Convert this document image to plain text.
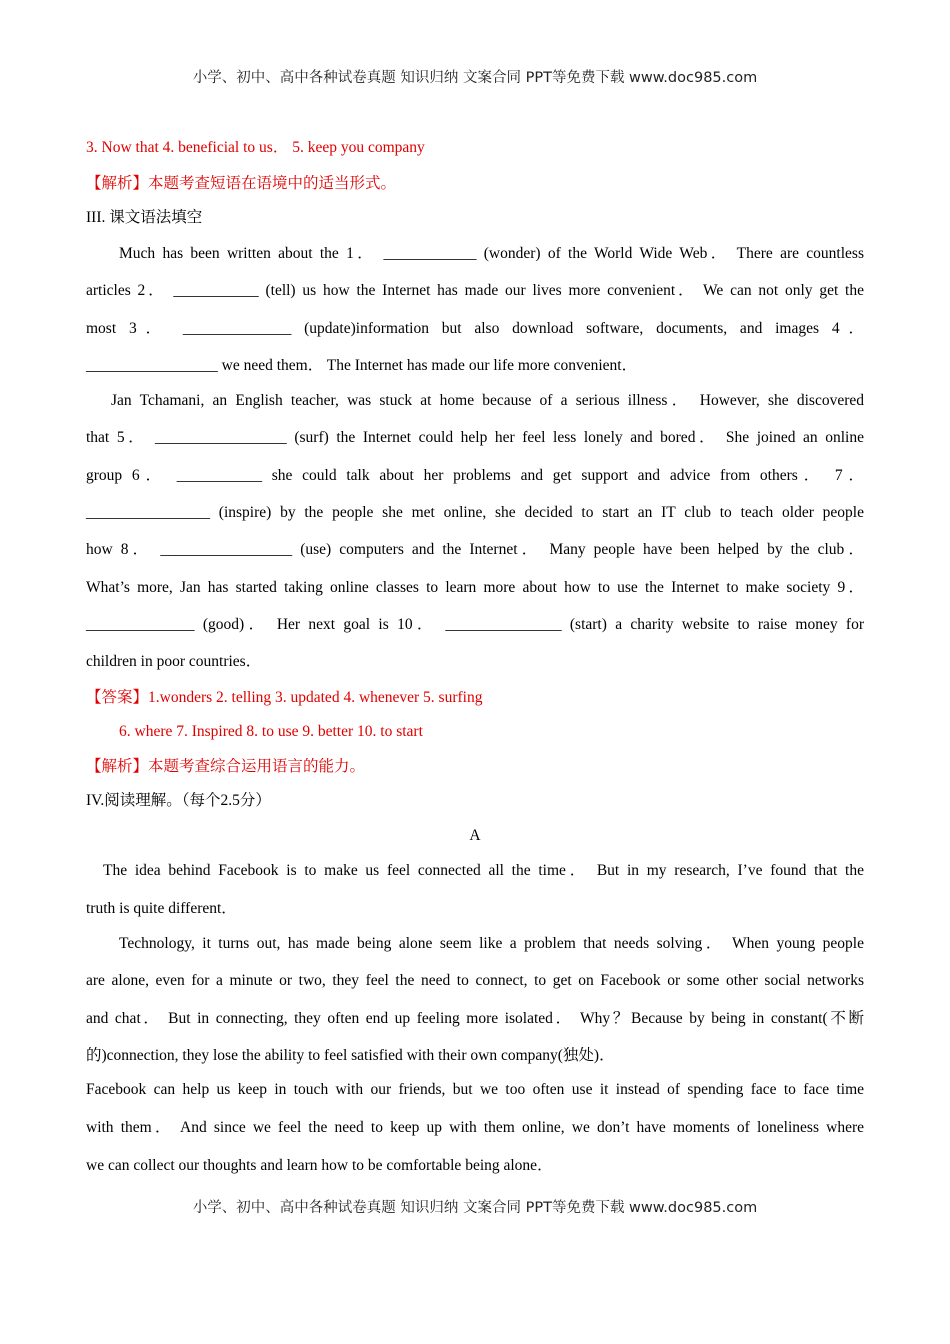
小学、初中、高中各种试卷真题 知识归纳 文案合同 PPT等免费下载 www.doc985.com
3. Now that 4. beneficial to us． 5. keep you company
【解析】本题考查短语在语境中的适当形式。
III. 课文语法填空
Much has been written about the 1． ____________ (wonder) of the World Wide Web． There are countless
articles 2． ___________ (tell) us how the Internet has made our lives more convenient． We can not only get the
most 3． ______________ (update)information but also download software, documents, and images 4．
_________________ we need them． The Internet has made our life more convenient．
Jan Tchamani, an English teacher, was stuck at home because of a serious illness． However, she discovered
that 5． _________________ (surf) the Internet could help her feel less lonely and bored． She joined an online
group 6． ___________ she could talk about her problems and get support and advice from others． 7．
________________ (inspire) by the people she met online, she decided to start an IT club to teach older people
how 8． _________________ (use) computers and the Internet． Many people have been helped by the club．
What’s more, Jan has started taking online classes to learn more about how to use the Internet to make society 9．
______________ (good)． Her next goal is 10． _______________ (start) a charity website to raise money for
children in poor countries．
【答案】1.wonders 2. telling 3. updated 4. whenever 5. surfing
6. where 7. Inspired 8. to use 9. better 10. to start
【解析】本题考查综合运用语言的能力。
IV.阅读理解。（每个2.5分）
A
The idea behind Facebook is to make us feel connected all the time． But in my research, I’ve found that the
truth is quite different．
Technology, it turns out, has made being alone seem like a problem that needs solving． When young people
are alone, even for a minute or two, they feel the need to connect, to get on Facebook or some other social networks
and chat． But in connecting, they often end up feeling more isolated． Why？Because by being in constant(不断
的)connection, they lose the ability to feel satisfied with their own company(独处)．
Facebook can help us keep in touch with our friends, but we too often use it instead of spending face to face time
with them． And since we feel the need to keep up with them online, we don’t have moments of loneliness where
we can collect our thoughts and learn how to be comfortable being alone．
小学、初中、高中各种试卷真题 知识归纳 文案合同 PPT等免费下载 www.doc985.com
